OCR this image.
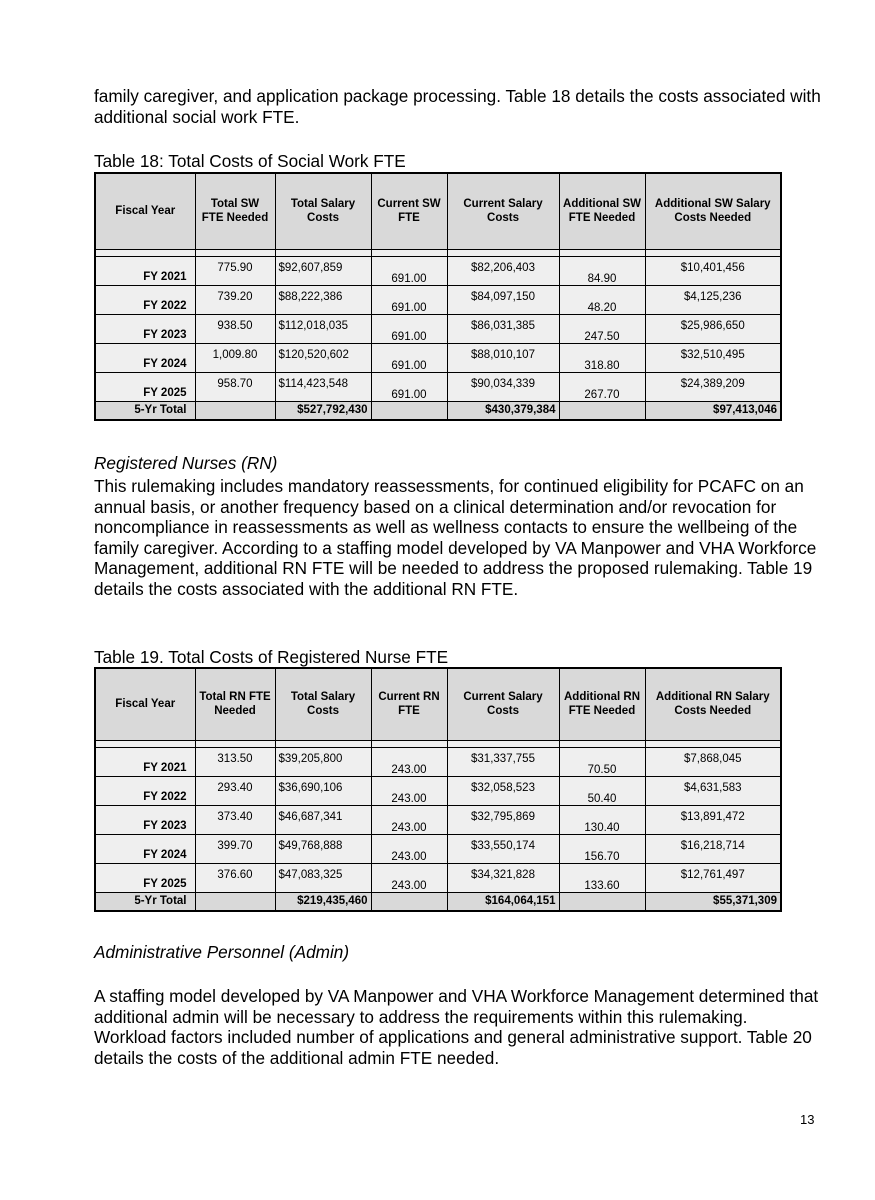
family caregiver, and application package processing. Table 18 details the costs associated with additional social work FTE.

Table 18: Total Costs of Social Work FTE

Fiscal Year	Total SW FTE Needed	Total Salary Costs	Current SW FTE	Current Salary Costs	Additional SW FTE Needed	Additional SW Salary Costs Needed

FY 2021	775.90	$92,607,859	691.00	$82,206,403	84.90	$10,401,456
FY 2022	739.20	$88,222,386	691.00	$84,097,150	48.20	$4,125,236
FY 2023	938.50	$112,018,035	691.00	$86,031,385	247.50	$25,986,650
FY 2024	1,009.80	$120,520,602	691.00	$88,010,107	318.80	$32,510,495
FY 2025	958.70	$114,423,548	691.00	$90,034,339	267.70	$24,389,209
5-Yr Total		$527,792,430		$430,379,384		$97,413,046

Registered Nurses (RN)

This rulemaking includes mandatory reassessments, for continued eligibility for PCAFC on an annual basis, or another frequency based on a clinical determination and/or revocation for noncompliance in reassessments as well as wellness contacts to ensure the wellbeing of the family caregiver. According to a staffing model developed by VA Manpower and VHA Workforce Management, additional RN FTE will be needed to address the proposed rulemaking. Table 19 details the costs associated with the additional RN FTE.

Table 19. Total Costs of Registered Nurse FTE

Fiscal Year	Total RN FTE Needed	Total Salary Costs	Current RN FTE	Current Salary Costs	Additional RN FTE Needed	Additional RN Salary Costs Needed

FY 2021	313.50	$39,205,800	243.00	$31,337,755	70.50	$7,868,045
FY 2022	293.40	$36,690,106	243.00	$32,058,523	50.40	$4,631,583
FY 2023	373.40	$46,687,341	243.00	$32,795,869	130.40	$13,891,472
FY 2024	399.70	$49,768,888	243.00	$33,550,174	156.70	$16,218,714
FY 2025	376.60	$47,083,325	243.00	$34,321,828	133.60	$12,761,497
5-Yr Total		$219,435,460		$164,064,151		$55,371,309

Administrative Personnel (Admin)

A staffing model developed by VA Manpower and VHA Workforce Management determined that additional admin will be necessary to address the requirements within this rulemaking. Workload factors included number of applications and general administrative support. Table 20 details the costs of the additional admin FTE needed.

13
